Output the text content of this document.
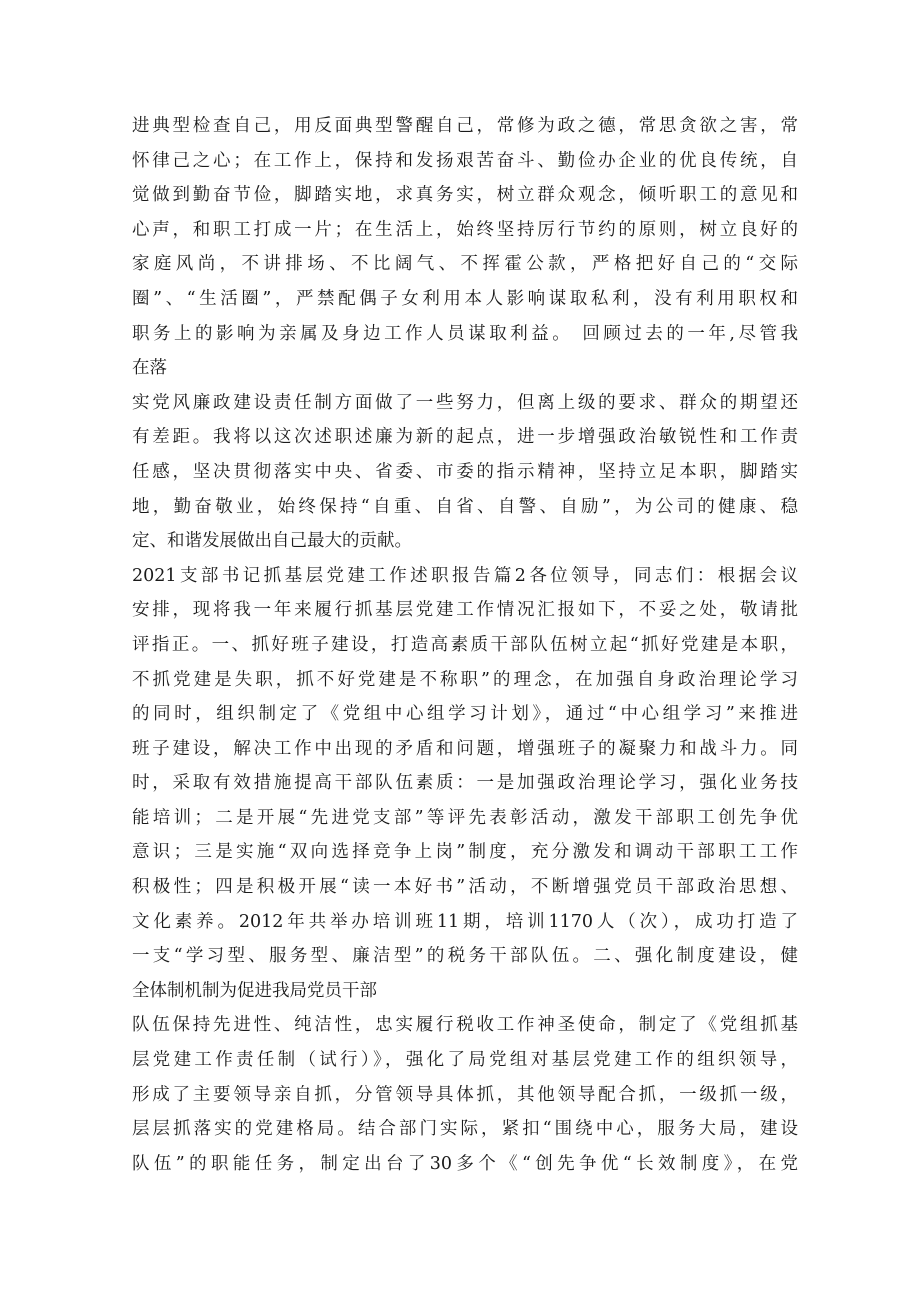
进典型检查自己，用反面典型警醒自己，常修为政之德，常思贪欲之害，常
怀律己之心；在工作上，保持和发扬艰苦奋斗、勤俭办企业的优良传统，自
觉做到勤奋节俭，脚踏实地，求真务实，树立群众观念，倾听职工的意见和
心声，和职工打成一片；在生活上，始终坚持厉行节约的原则，树立良好的
家庭风尚，不讲排场、不比阔气、不挥霍公款，严格把好自己的“交际
圈”、“生活圈”，严禁配偶子女利用本人影响谋取私利，没有利用职权和
职务上的影响为亲属及身边工作人员谋取利益。 回顾过去的一年,尽管我
在落
实党风廉政建设责任制方面做了一些努力，但离上级的要求、群众的期望还
有差距。我将以这次述职述廉为新的起点，进一步增强政治敏锐性和工作责
任感，坚决贯彻落实中央、省委、市委的指示精神，坚持立足本职，脚踏实
地，勤奋敬业，始终保持“自重、自省、自警、自励”，为公司的健康、稳
定、和谐发展做出自己最大的贡献。
2021支部书记抓基层党建工作述职报告篇2各位领导，同志们：根据会议
安排，现将我一年来履行抓基层党建工作情况汇报如下，不妥之处，敬请批
评指正。一、抓好班子建设，打造高素质干部队伍树立起“抓好党建是本职，
不抓党建是失职，抓不好党建是不称职”的理念，在加强自身政治理论学习
的同时，组织制定了《党组中心组学习计划》，通过“中心组学习”来推进
班子建设，解决工作中出现的矛盾和问题，增强班子的凝聚力和战斗力。同
时，采取有效措施提高干部队伍素质：一是加强政治理论学习，强化业务技
能培训；二是开展“先进党支部”等评先表彰活动，激发干部职工创先争优
意识；三是实施“双向选择竞争上岗”制度，充分激发和调动干部职工工作
积极性；四是积极开展“读一本好书”活动，不断增强党员干部政治思想、
文化素养。2012年共举办培训班11期，培训1170人（次），成功打造了
一支“学习型、服务型、廉洁型”的税务干部队伍。二、强化制度建设，健
全体制机制为促进我局党员干部
队伍保持先进性、纯洁性，忠实履行税收工作神圣使命，制定了《党组抓基
层党建工作责任制（试行）》，强化了局党组对基层党建工作的组织领导，
形成了主要领导亲自抓，分管领导具体抓，其他领导配合抓，一级抓一级，
层层抓落实的党建格局。结合部门实际，紧扣“围绕中心，服务大局，建设
队伍”的职能任务，制定出台了30多个《“创先争优“长效制度》，在党
